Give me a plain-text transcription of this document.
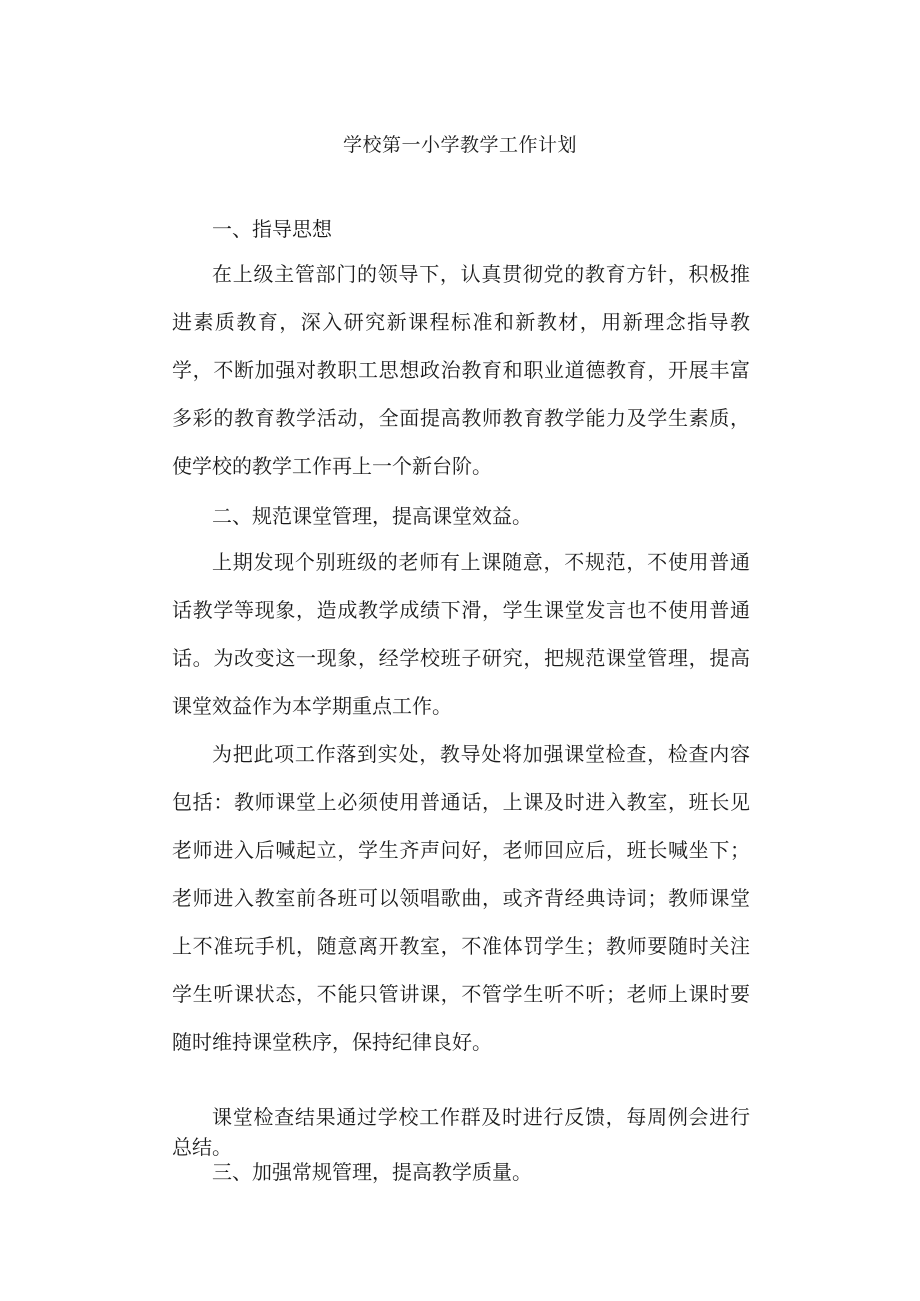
学校第一小学教学工作计划

一、指导思想

在上级主管部门的领导下，认真贯彻党的教育方针，积极推进素质教育，深入研究新课程标准和新教材，用新理念指导教学，不断加强对教职工思想政治教育和职业道德教育，开展丰富多彩的教育教学活动，全面提高教师教育教学能力及学生素质，使学校的教学工作再上一个新台阶。

二、规范课堂管理，提高课堂效益。

上期发现个别班级的老师有上课随意，不规范，不使用普通话教学等现象，造成教学成绩下滑，学生课堂发言也不使用普通话。为改变这一现象，经学校班子研究，把规范课堂管理，提高课堂效益作为本学期重点工作。

为把此项工作落到实处，教导处将加强课堂检查，检查内容包括：教师课堂上必须使用普通话，上课及时进入教室，班长见老师进入后喊起立，学生齐声问好，老师回应后，班长喊坐下；老师进入教室前各班可以领唱歌曲，或齐背经典诗词；教师课堂上不准玩手机，随意离开教室，不准体罚学生；教师要随时关注学生听课状态，不能只管讲课，不管学生听不听；老师上课时要随时维持课堂秩序，保持纪律良好。

课堂检查结果通过学校工作群及时进行反馈，每周例会进行总结。

三、加强常规管理，提高教学质量。
